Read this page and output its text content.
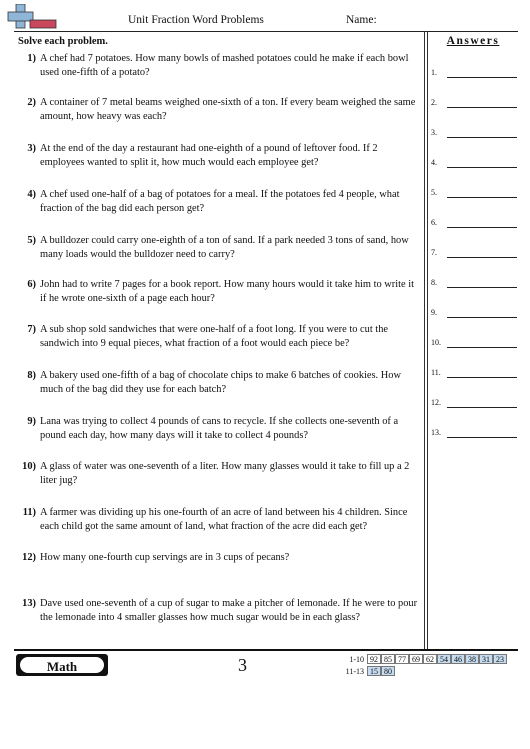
Unit Fraction Word Problems	Name:
Solve each problem.
1) A chef had 7 potatoes. How many bowls of mashed potatoes could he make if each bowl used one-fifth of a potato?
2) A container of 7 metal beams weighed one-sixth of a ton. If every beam weighed the same amount, how heavy was each?
3) At the end of the day a restaurant had one-eighth of a pound of leftover food. If 2 employees wanted to split it, how much would each employee get?
4) A chef used one-half of a bag of potatoes for a meal. If the potatoes fed 4 people, what fraction of the bag did each person get?
5) A bulldozer could carry one-eighth of a ton of sand. If a park needed 3 tons of sand, how many loads would the bulldozer need to carry?
6) John had to write 7 pages for a book report. How many hours would it take him to write it if he wrote one-sixth of a page each hour?
7) A sub shop sold sandwiches that were one-half of a foot long. If you were to cut the sandwich into 9 equal pieces, what fraction of a foot would each piece be?
8) A bakery used one-fifth of a bag of chocolate chips to make 6 batches of cookies. How much of the bag did they use for each batch?
9) Lana was trying to collect 4 pounds of cans to recycle. If she collects one-seventh of a pound each day, how many days will it take to collect 4 pounds?
10) A glass of water was one-seventh of a liter. How many glasses would it take to fill up a 2 liter jug?
11) A farmer was dividing up his one-fourth of an acre of land between his 4 children. Since each child got the same amount of land, what fraction of the acre did each get?
12) How many one-fourth cup servings are in 3 cups of pecans?
13) Dave used one-seventh of a cup of sugar to make a pitcher of lemonade. If he were to pour the lemonade into 4 smaller glasses how much sugar would be in each glass?
Answers
1.
2.
3.
4.
5.
6.
7.
8.
9.
10.
11.
12.
13.
Math	3	1-10 92 85 77 69 62 54 46 38 31 23
11-13 15 80
